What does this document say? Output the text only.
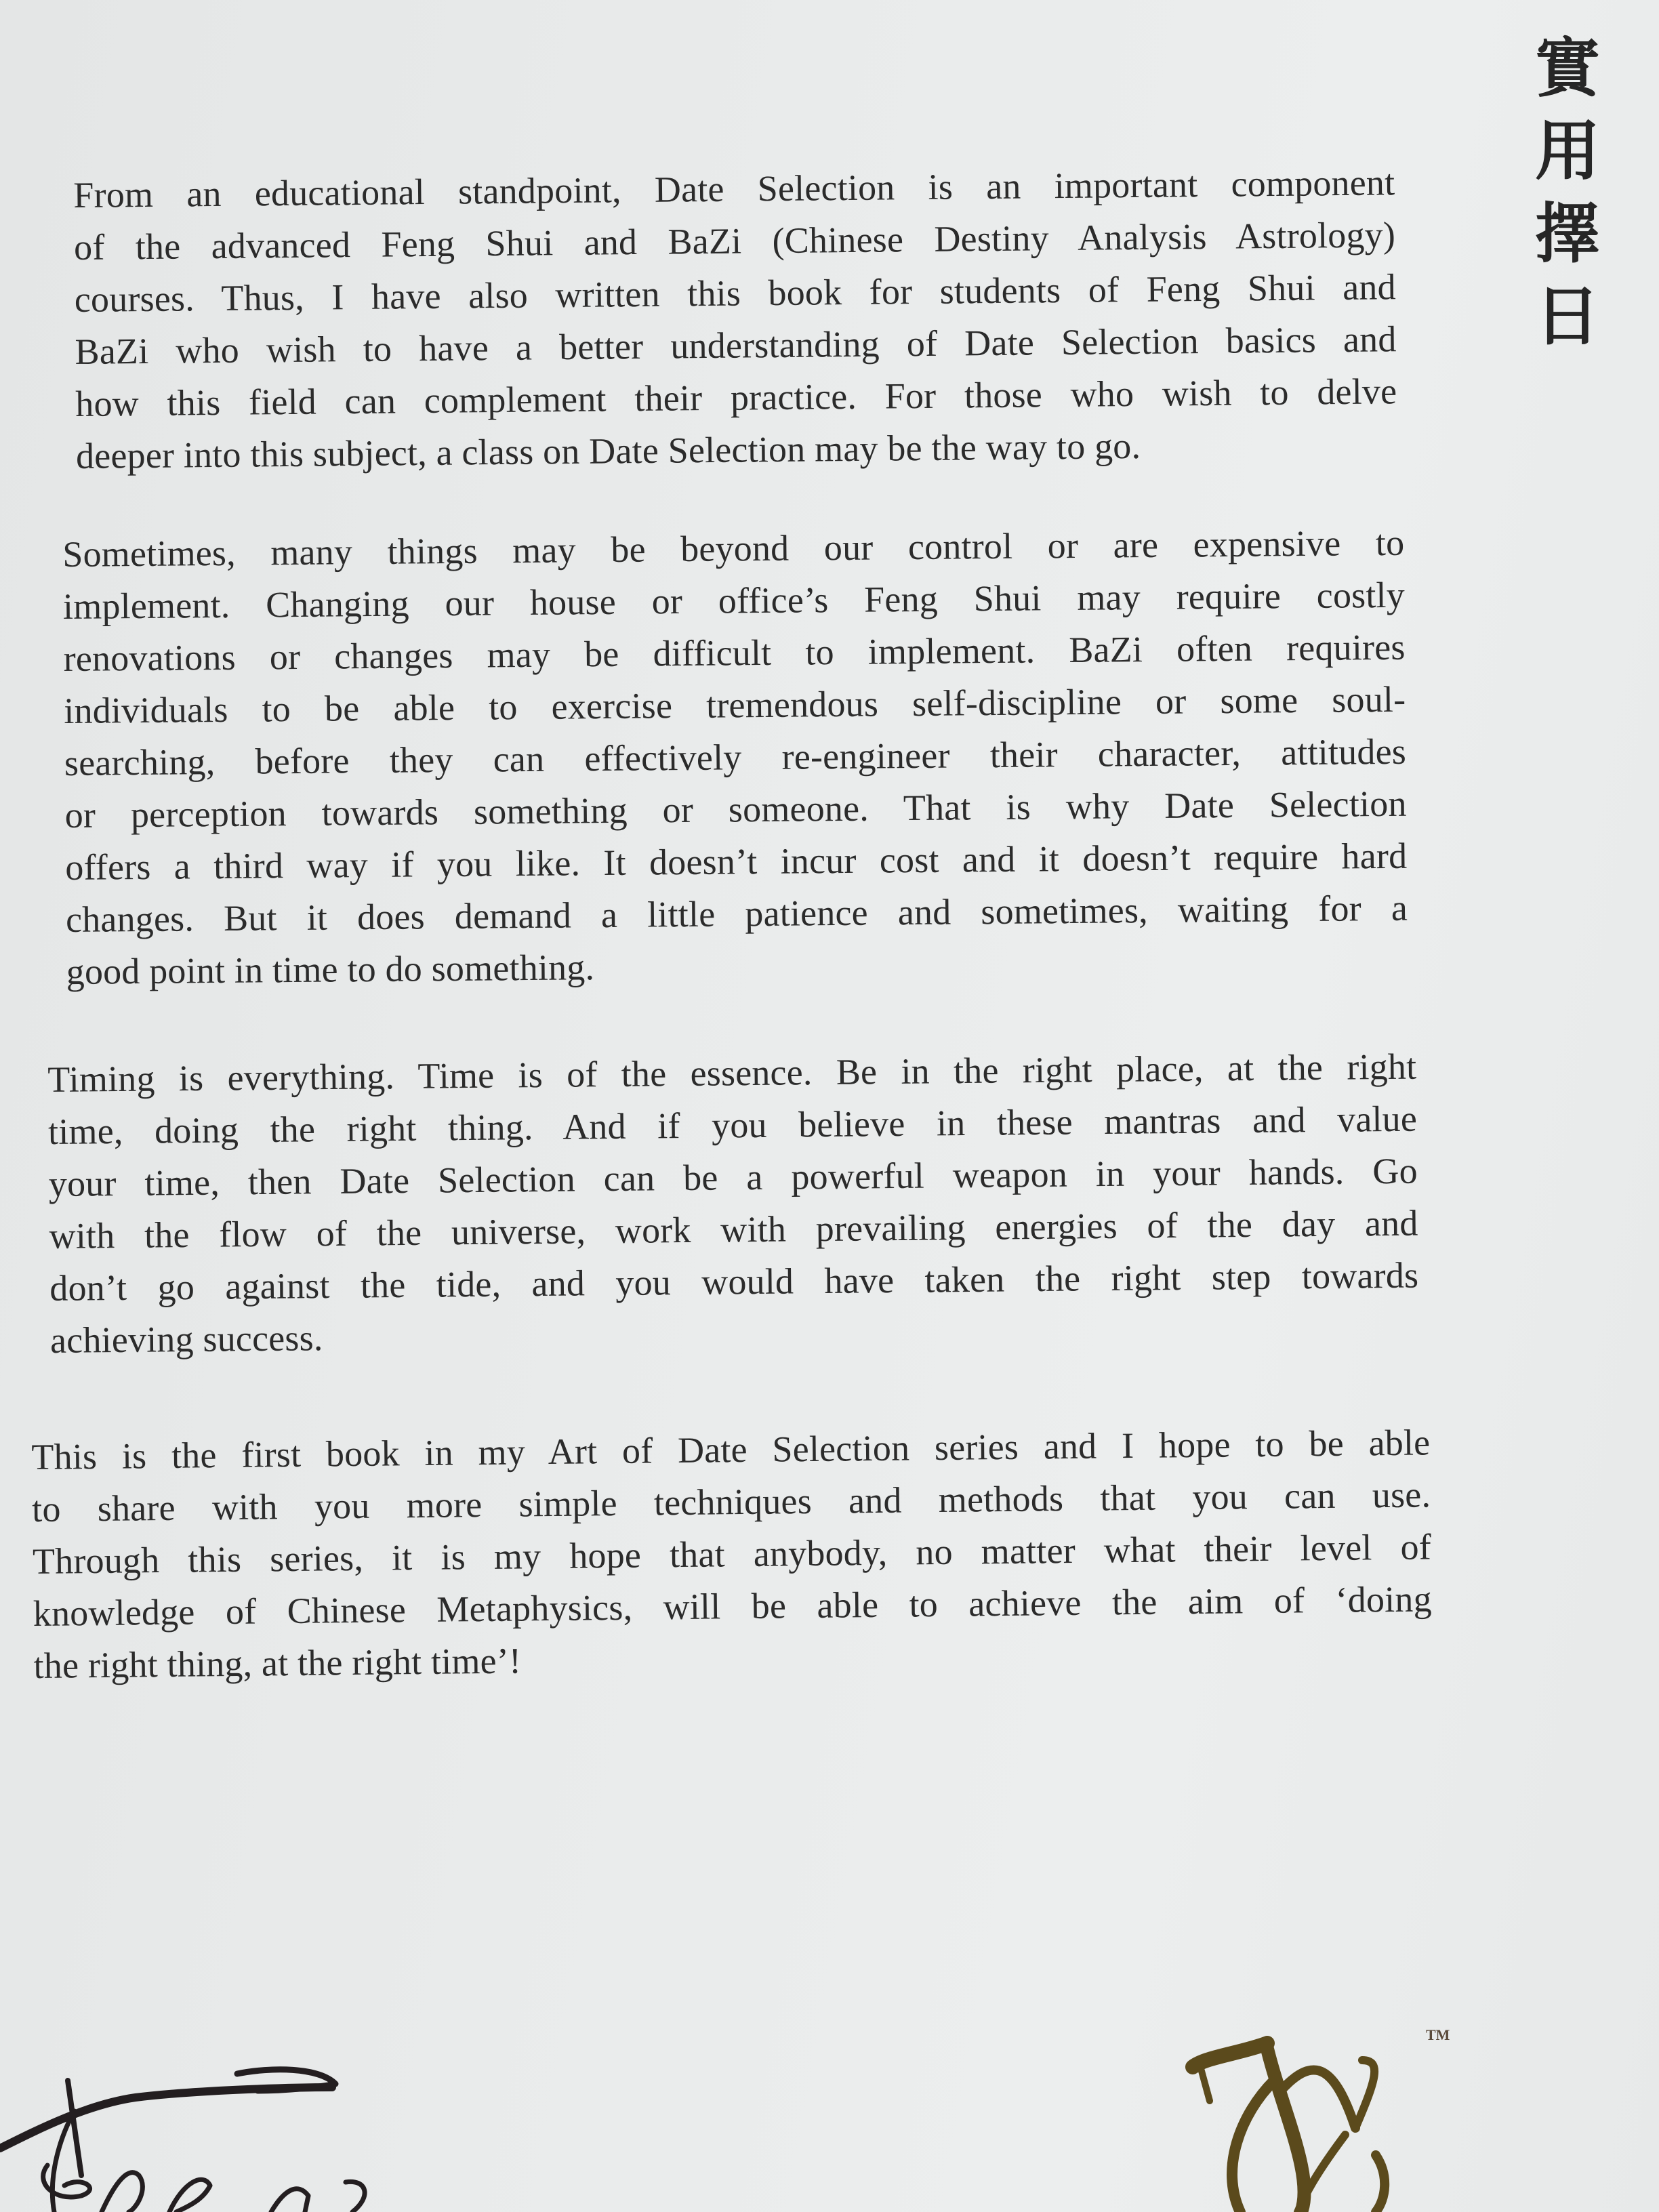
實
用
擇
日
From an educational standpoint, Date Selection is an important component
of the advanced Feng Shui and BaZi (Chinese Destiny Analysis Astrology)
courses. Thus, I have also written this book for students of Feng Shui and
BaZi who wish to have a better understanding of Date Selection basics and
how this field can complement their practice. For those who wish to delve
deeper into this subject, a class on Date Selection may be the way to go.
Sometimes, many things may be beyond our control or are expensive to
implement. Changing our house or office’s Feng Shui may require costly
renovations or changes may be difficult to implement. BaZi often requires
individuals to be able to exercise tremendous self-discipline or some soul-
searching, before they can effectively re-engineer their character, attitudes
or perception towards something or someone. That is why Date Selection
offers a third way if you like. It doesn’t incur cost and it doesn’t require hard
changes. But it does demand a little patience and sometimes, waiting for a
good point in time to do something.
Timing is everything. Time is of the essence. Be in the right place, at the right
time, doing the right thing. And if you believe in these mantras and value
your time, then Date Selection can be a powerful weapon in your hands. Go
with the flow of the universe, work with prevailing energies of the day and
don’t go against the tide, and you would have taken the right step towards
achieving success.
This is the first book in my Art of Date Selection series and I hope to be able
to share with you more simple techniques and methods that you can use.
Through this series, it is my hope that anybody, no matter what their level of
knowledge of Chinese Metaphysics, will be able to achieve the aim of ‘doing
the right thing, at the right time’!
TM
